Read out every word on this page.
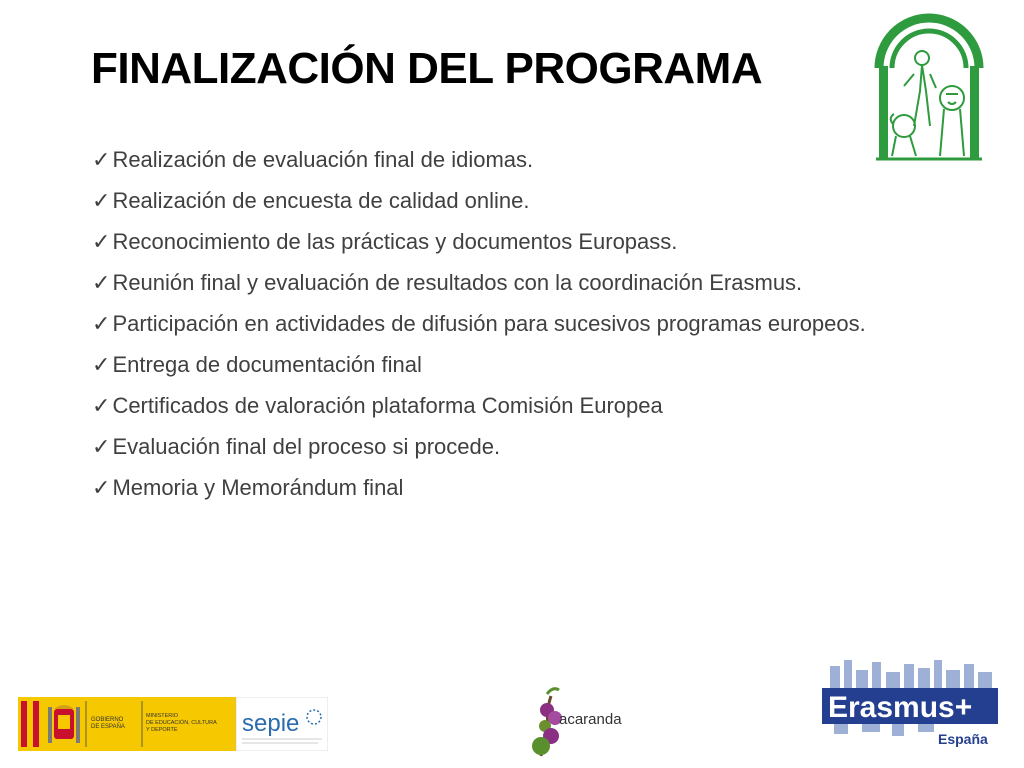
FINALIZACIÓN DEL PROGRAMA
✓Realización de evaluación final de idiomas.
✓Realización de encuesta de calidad online.
✓Reconocimiento de las prácticas y documentos Europass.
✓Reunión final y evaluación de resultados con la coordinación Erasmus.
✓Participación en actividades de difusión para sucesivos programas europeos.
✓Entrega de documentación final
✓Certificados de valoración plataforma Comisión Europea
✓Evaluación final del proceso si procede.
✓Memoria y Memorándum final
GOBIERNO
DE ESPAÑA
MINISTERIO
DE EDUCACIÓN, CULTURA
Y DEPORTE	sepie	acaranda	Erasmus+
España
